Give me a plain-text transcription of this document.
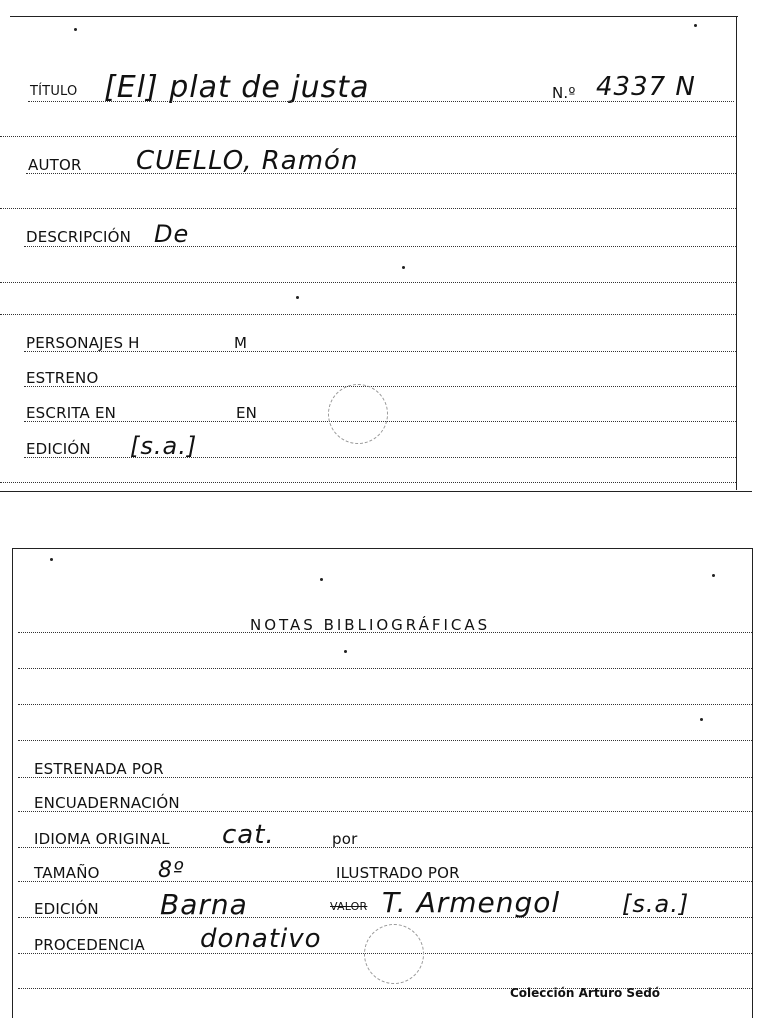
TÍTULO [El] plat de justa	N.º 4337 N
AUTOR CUELLO, Ramón
DESCRIPCIÓN De
PERSONAJES H	M
ESTRENO
ESCRITA EN	EN
EDICIÓN [s.a.]
NOTAS BIBLIOGRÁFICAS
ESTRENADA POR
ENCUADERNACIÓN
IDIOMA ORIGINAL cat.	por
TAMAÑO	8º	ILUSTRADO POR
EDICIÓN Barna	VALOR T. Armengol	[s.a.]
PROCEDENCIA donativo
Colección Arturo Sedó
